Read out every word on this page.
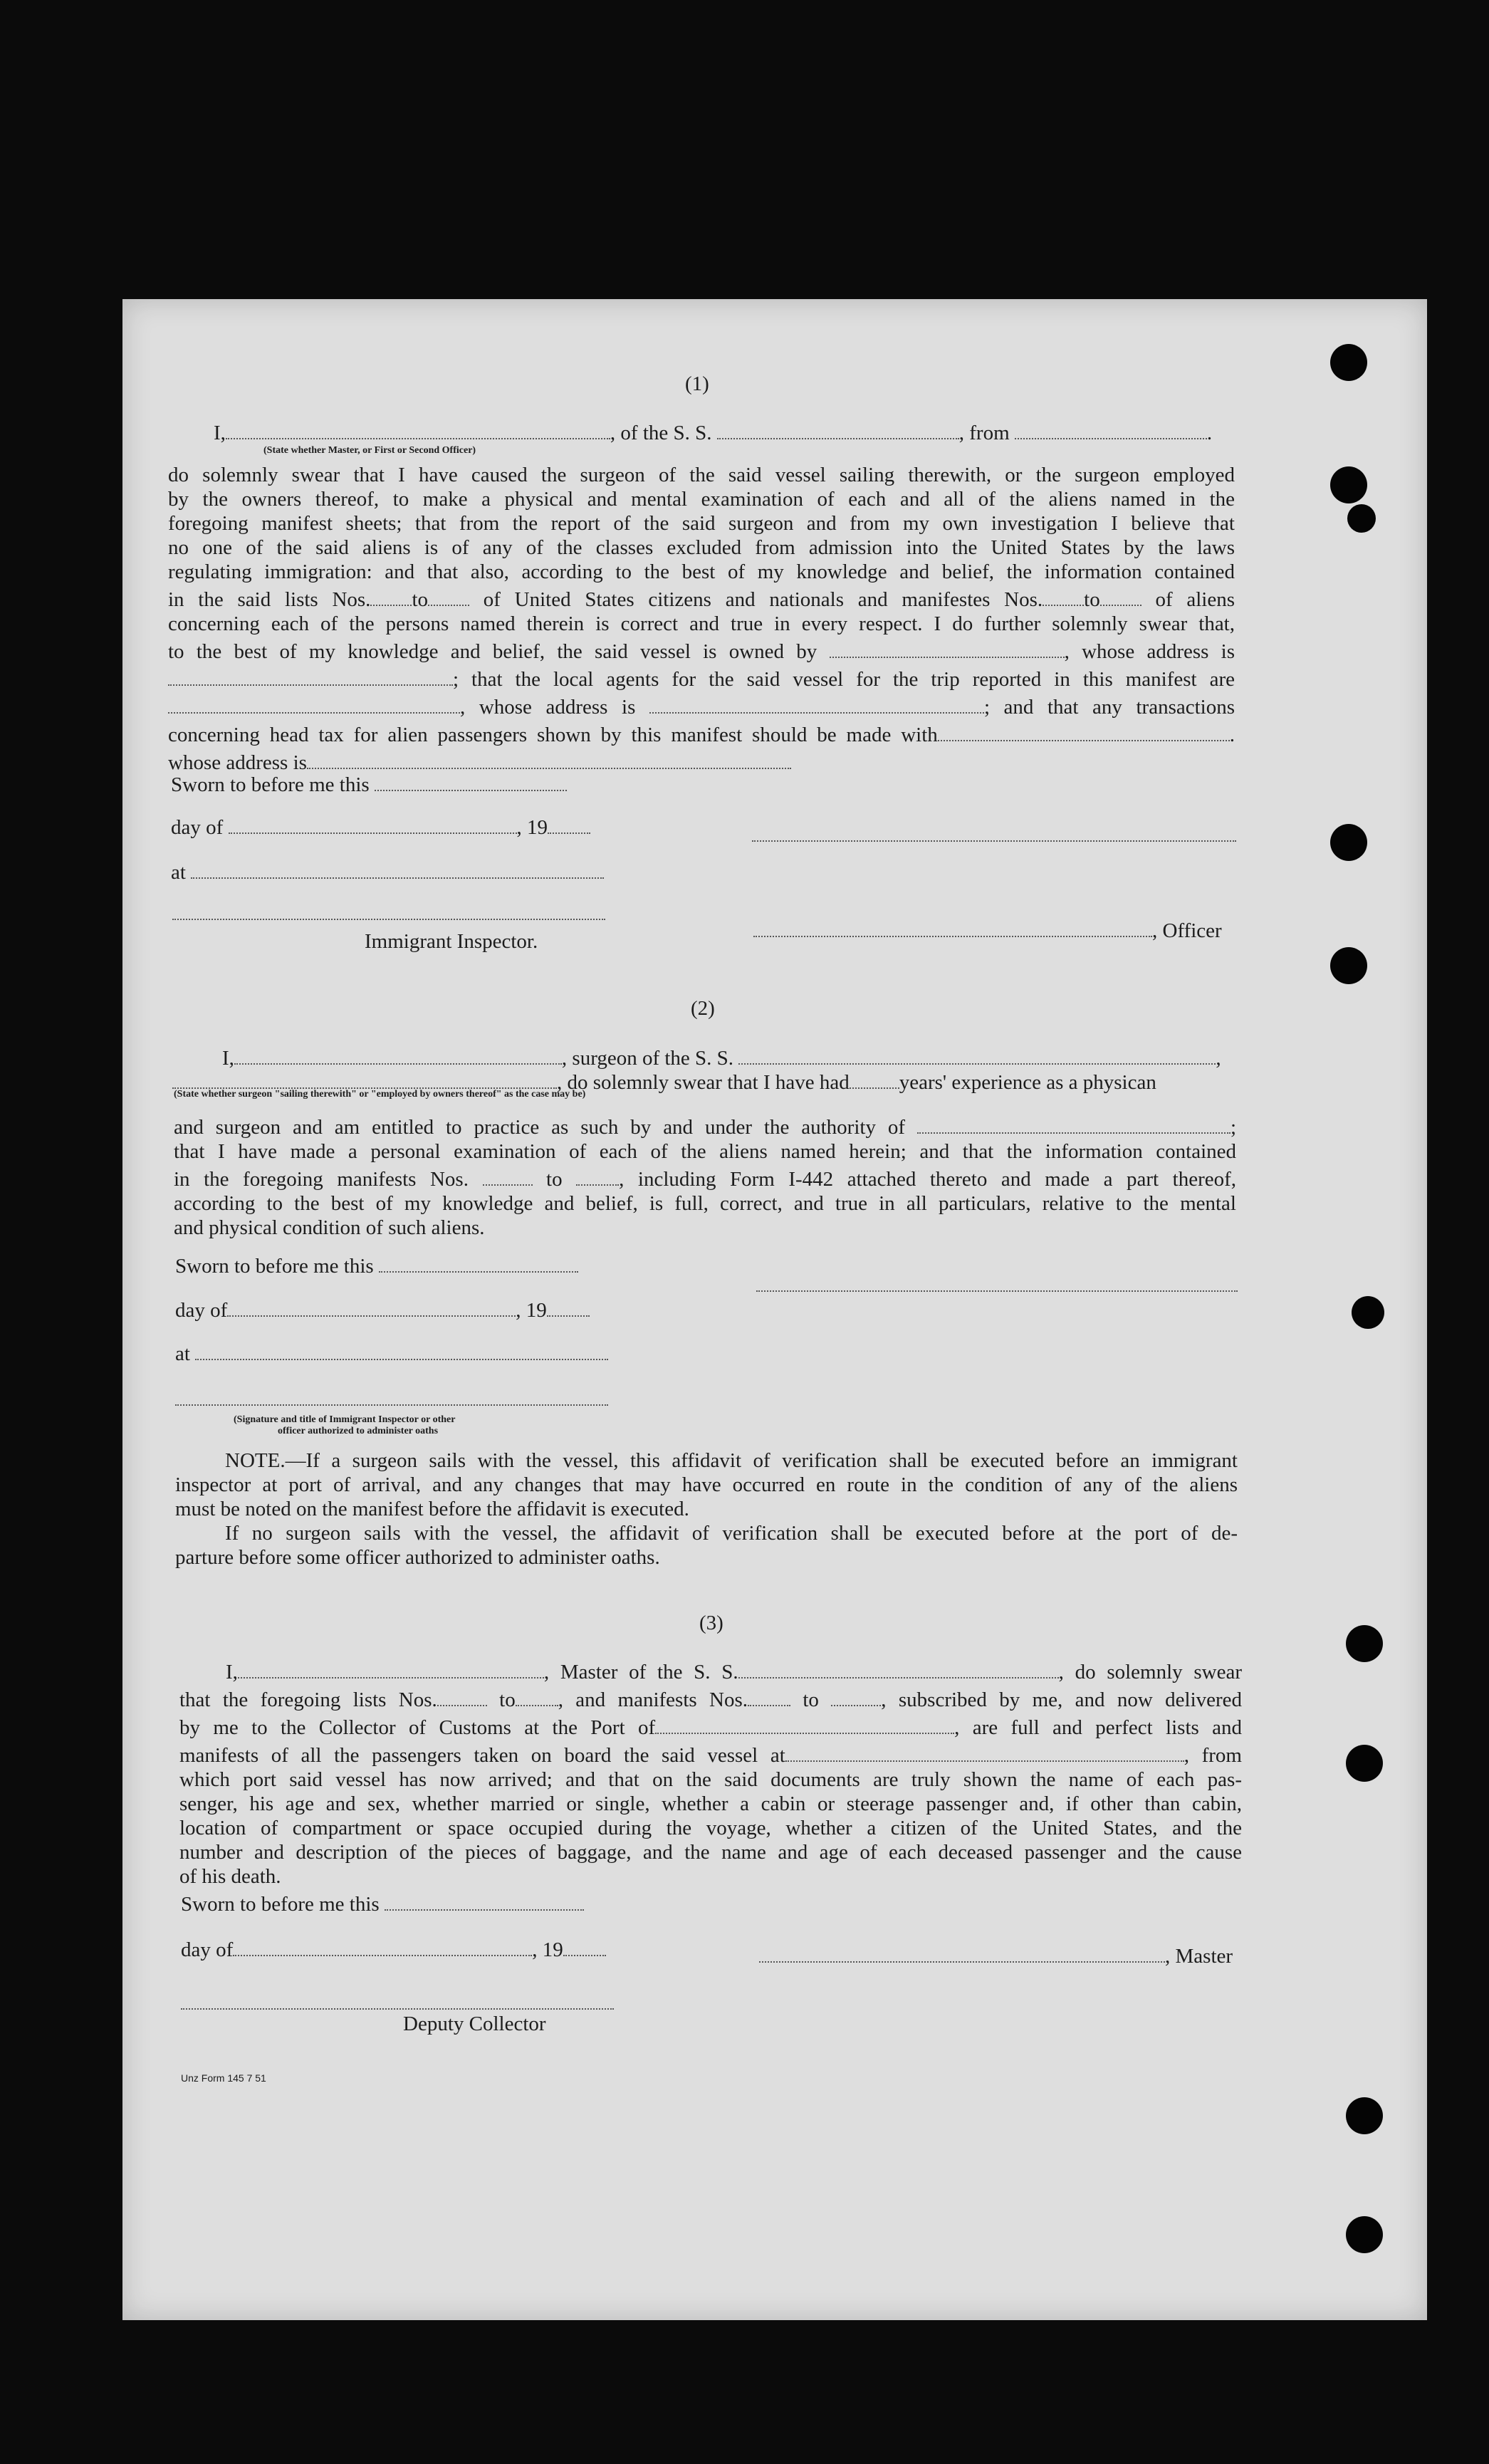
(1)
I,	, of the S. S.	, from	.
(State whether Master, or First or Second Officer)
do solemnly swear that I have caused the surgeon of the said vessel sailing therewith, or the surgeon employed
by the owners thereof, to make a physical and mental examination of each and all of the aliens named in the
foregoing manifest sheets; that from the report of the said surgeon and from my own investigation I believe that
no one of the said aliens is of any of the classes excluded from admission into the United States by the laws
regulating immigration: and that also, according to the best of my knowledge and belief, the information contained
in the said lists Nos. to	of United States citizens and nationals and manifestes Nos. to	of aliens
concerning each of the persons named therein is correct and true in every respect. I do further solemnly swear that,
to the best of my knowledge and belief, the said vessel is owned by	, whose address is
; that the local agents for the said vessel for the trip reported in this manifest are
, whose address is	; and that any transactions
concerning head tax for alien passengers shown by this manifest should be made with	.
whose address is
Sworn to before me this
day of	, 19
at
, Officer
Immigrant Inspector.
(2)
I,	, surgeon of the S. S.	,
, do solemnly swear that I have had years' experience as a physican
(State whether surgeon "sailing therewith" or "employed by owners thereof" as the case may be)
and surgeon and am entitled to practice as such by and under the authority of	;
that I have made a personal examination of each of the aliens named herein; and that the information contained
in the foregoing manifests Nos.	to	, including Form I-442 attached thereto and made a part thereof,
according to the best of my knowledge and belief, is full, correct, and true in all particulars, relative to the mental
and physical condition of such aliens.
Sworn to before me this
day of	, 19
at
(Signature and title of Immigrant Inspector or other
officer authorized to administer oaths
NOTE.—If a surgeon sails with the vessel, this affidavit of verification shall be executed before an immigrant
inspector at port of arrival, and any changes that may have occurred en route in the condition of any of the aliens
must be noted on the manifest before the affidavit is executed.
If no surgeon sails with the vessel, the affidavit of verification shall be executed before at the port of de-
parture before some officer authorized to administer oaths.
(3)
I,	, Master of the S. S.	, do solemnly swear
that the foregoing lists Nos.	to , and manifests Nos.	to	, subscribed by me, and now delivered
by me to the Collector of Customs at the Port of	, are full and perfect lists and
manifests of all the passengers taken on board the said vessel at	, from
which port said vessel has now arrived; and that on the said documents are truly shown the name of each pas-
senger, his age and sex, whether married or single, whether a cabin or steerage passenger and, if other than cabin,
location of compartment or space occupied during the voyage, whether a citizen of the United States, and the
number and description of the pieces of baggage, and the name and age of each deceased passenger and the cause
of his death.
Sworn to before me this
day of	, 19	, Master
Deputy Collector
Unz Form 145 7 51
